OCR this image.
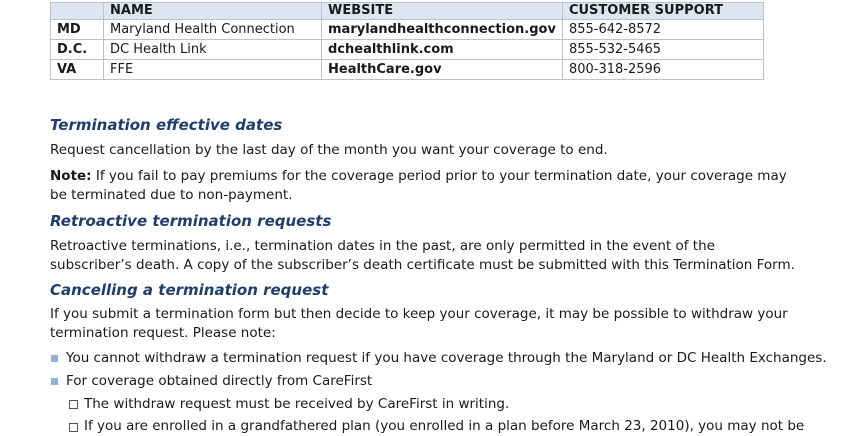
	NAME	WEBSITE	CUSTOMER SUPPORT
MD	Maryland Health Connection	marylandhealthconnection.gov	855-642-8572
D.C.	DC Health Link	dchealthlink.com	855-532-5465
VA	FFE	HealthCare.gov	800-318-2596
Termination effective dates

Request cancellation by the last day of the month you want your coverage to end.

Note: If you fail to pay premiums for the coverage period prior to your termination date, your coverage may be terminated due to non-payment.

Retroactive termination requests

Retroactive terminations, i.e., termination dates in the past, are only permitted in the event of the subscriber’s death. A copy of the subscriber’s death certificate must be submitted with this Termination Form.

Cancelling a termination request

If you submit a termination form but then decide to keep your coverage, it may be possible to withdraw your termination request. Please note:

You cannot withdraw a termination request if you have coverage through the Maryland or DC Health Exchanges.
For coverage obtained directly from CareFirst
The withdraw request must be received by CareFirst in writing.
If you are enrolled in a grandfathered plan (you enrolled in a plan before March 23, 2010), you may not be
